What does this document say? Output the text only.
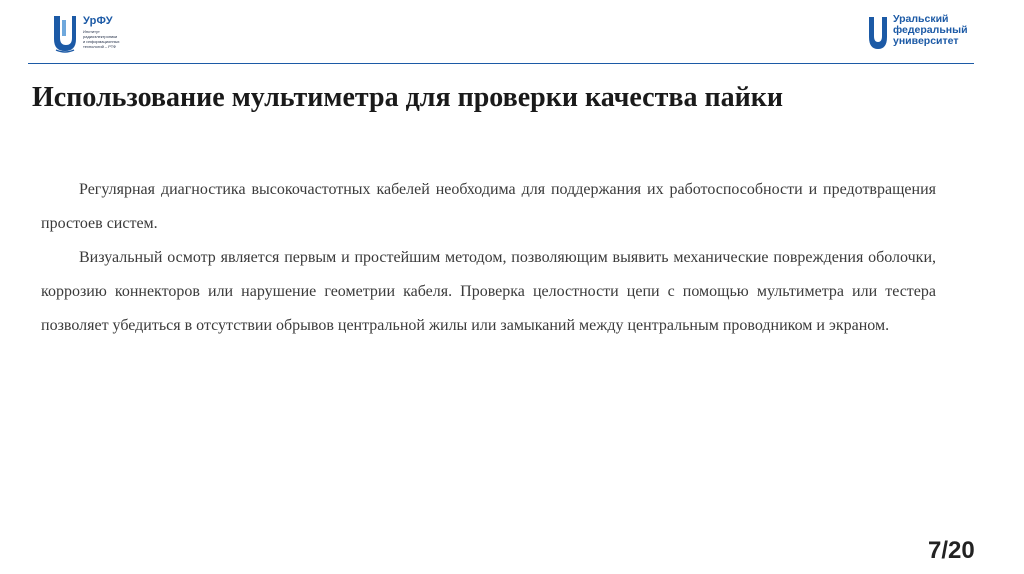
УрФУ
Институт
радиоэлектроники
и информационных
технологий – РТФ
Уральский
федеральный
университет
Использование мультиметра для проверки качества пайки

Регулярная диагностика высокочастотных кабелей необходима для поддержания их работоспособности и предотвращения простоев систем.

Визуальный осмотр является первым и простейшим методом, позволяющим выявить механические повреждения оболочки, коррозию коннекторов или нарушение геометрии кабеля. Проверка целостности цепи с помощью мультиметра или тестера позволяет убедиться в отсутствии обрывов центральной жилы или замыканий между центральным проводником и экраном.

7/20
